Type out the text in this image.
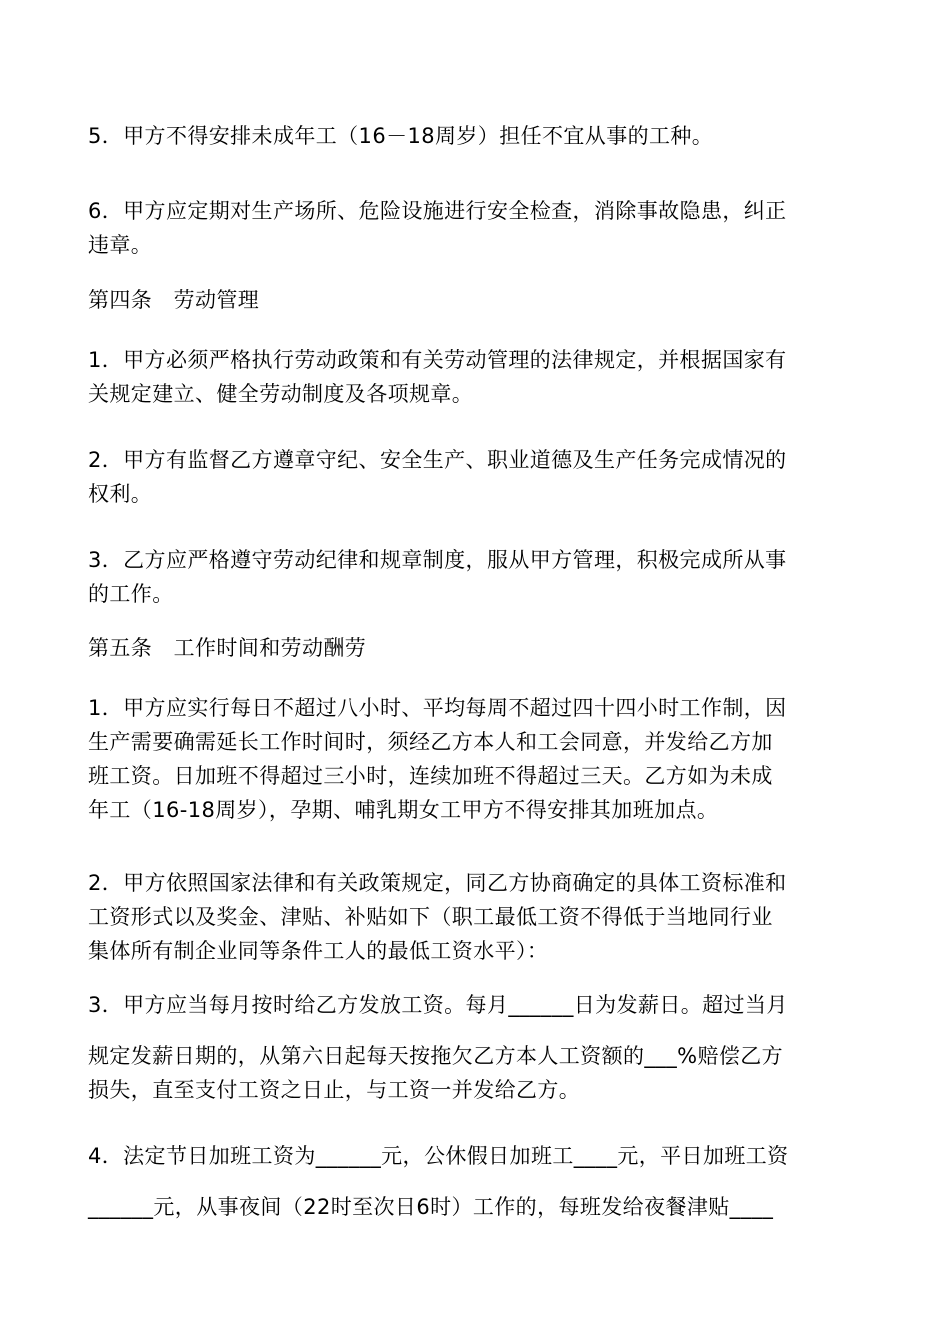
5．甲方不得安排未成年工（16－18周岁）担任不宜从事的工种。

6．甲方应定期对生产场所、危险设施进行安全检查，消除事故隐患，纠正
违章。

第四条　劳动管理

1．甲方必须严格执行劳动政策和有关劳动管理的法律规定，并根据国家有
关规定建立、健全劳动制度及各项规章。

2．甲方有监督乙方遵章守纪、安全生产、职业道德及生产任务完成情况的
权利。

3．乙方应严格遵守劳动纪律和规章制度，服从甲方管理，积极完成所从事
的工作。

第五条　工作时间和劳动酬劳

1．甲方应实行每日不超过八小时、平均每周不超过四十四小时工作制，因
生产需要确需延长工作时间时，须经乙方本人和工会同意，并发给乙方加
班工资。日加班不得超过三小时，连续加班不得超过三天。乙方如为未成
年工（16-18周岁），孕期、哺乳期女工甲方不得安排其加班加点。

2．甲方依照国家法律和有关政策规定，同乙方协商确定的具体工资标准和
工资形式以及奖金、津贴、补贴如下（职工最低工资不得低于当地同行业
集体所有制企业同等条件工人的最低工资水平）：

3．甲方应当每月按时给乙方发放工资。每月______日为发薪日。超过当月
规定发薪日期的，从第六日起每天按拖欠乙方本人工资额的___%赔偿乙方
损失，直至支付工资之日止，与工资一并发给乙方。

4．法定节日加班工资为______元，公休假日加班工____元，平日加班工资
______元，从事夜间（22时至次日6时）工作的，每班发给夜餐津贴____
